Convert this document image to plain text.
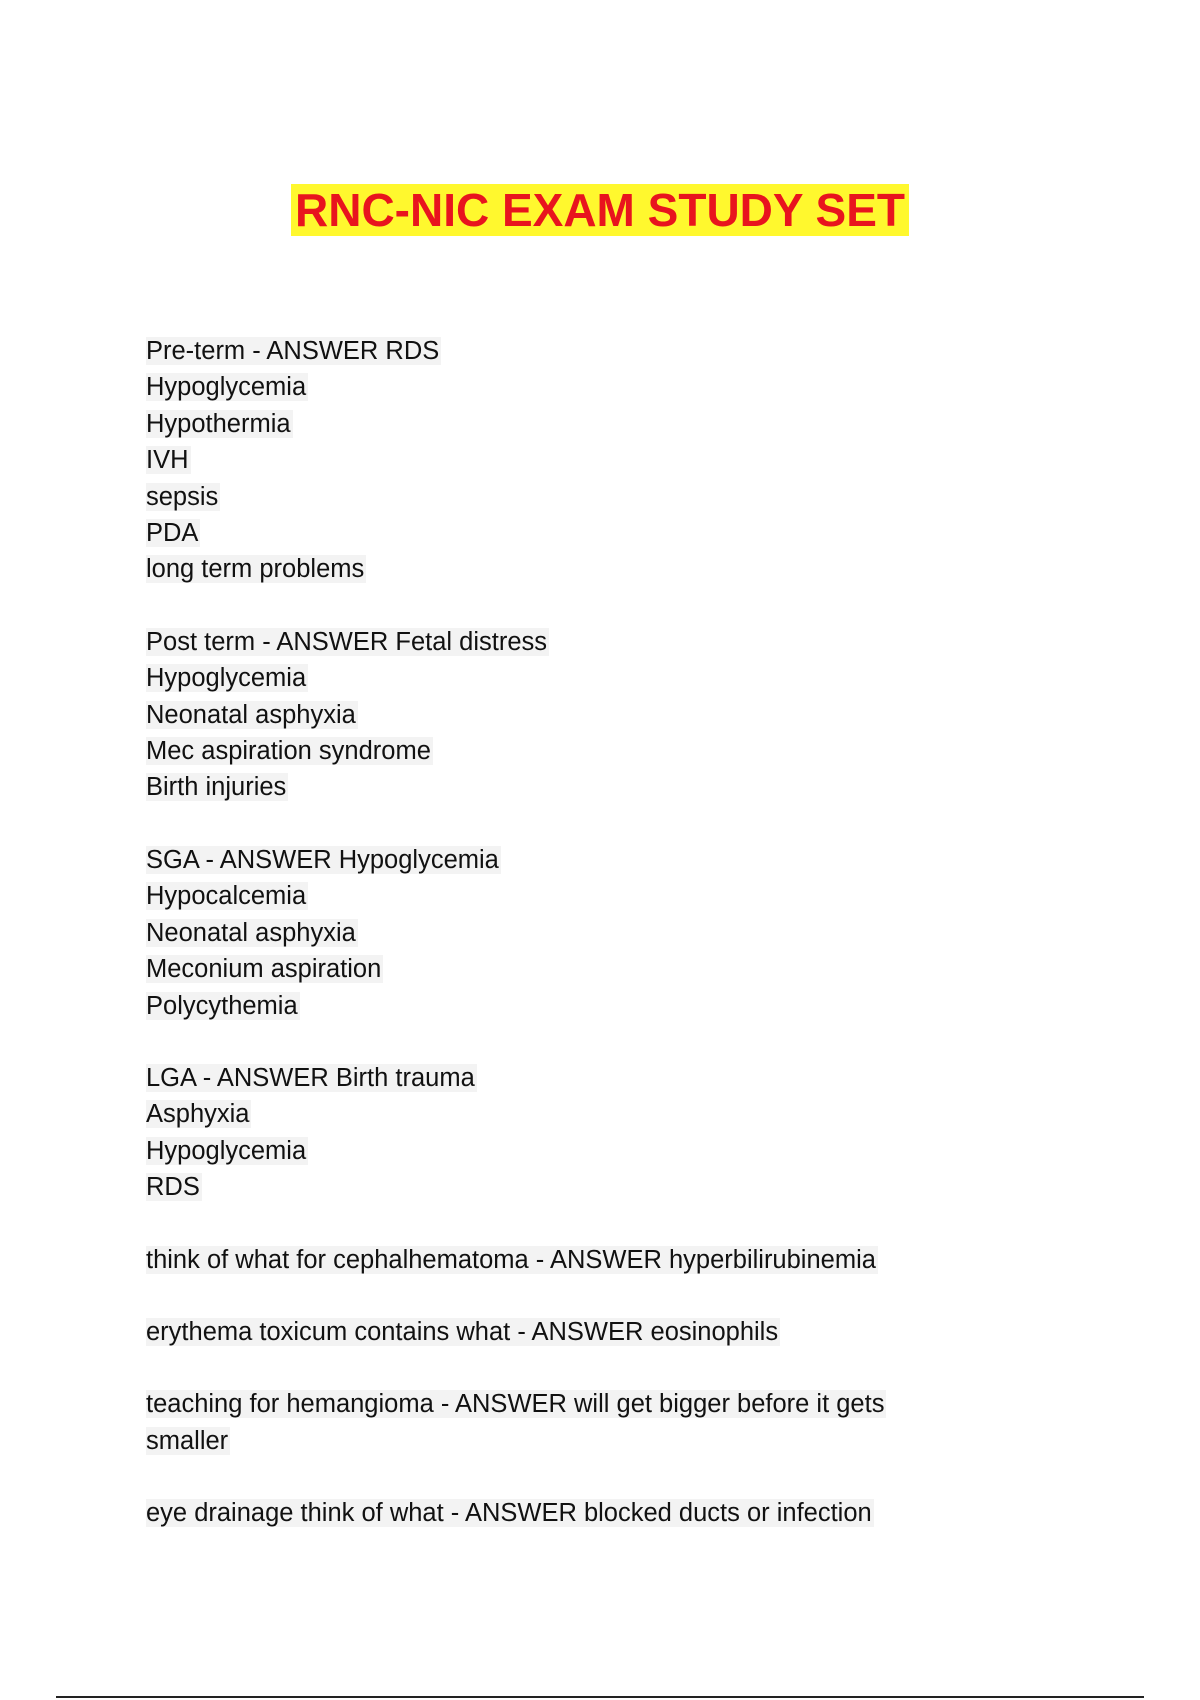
RNC-NIC EXAM STUDY SET
Pre-term - ANSWER RDS
Hypoglycemia
Hypothermia
IVH
sepsis
PDA
long term problems
Post term - ANSWER Fetal distress
Hypoglycemia
Neonatal asphyxia
Mec aspiration syndrome
Birth injuries
SGA - ANSWER Hypoglycemia
Hypocalcemia
Neonatal asphyxia
Meconium aspiration
Polycythemia
LGA - ANSWER Birth trauma
Asphyxia
Hypoglycemia
RDS
think of what for cephalhematoma - ANSWER hyperbilirubinemia
erythema toxicum contains what - ANSWER eosinophils
teaching for hemangioma - ANSWER will get bigger before it gets
smaller
eye drainage think of what - ANSWER blocked ducts or infection
